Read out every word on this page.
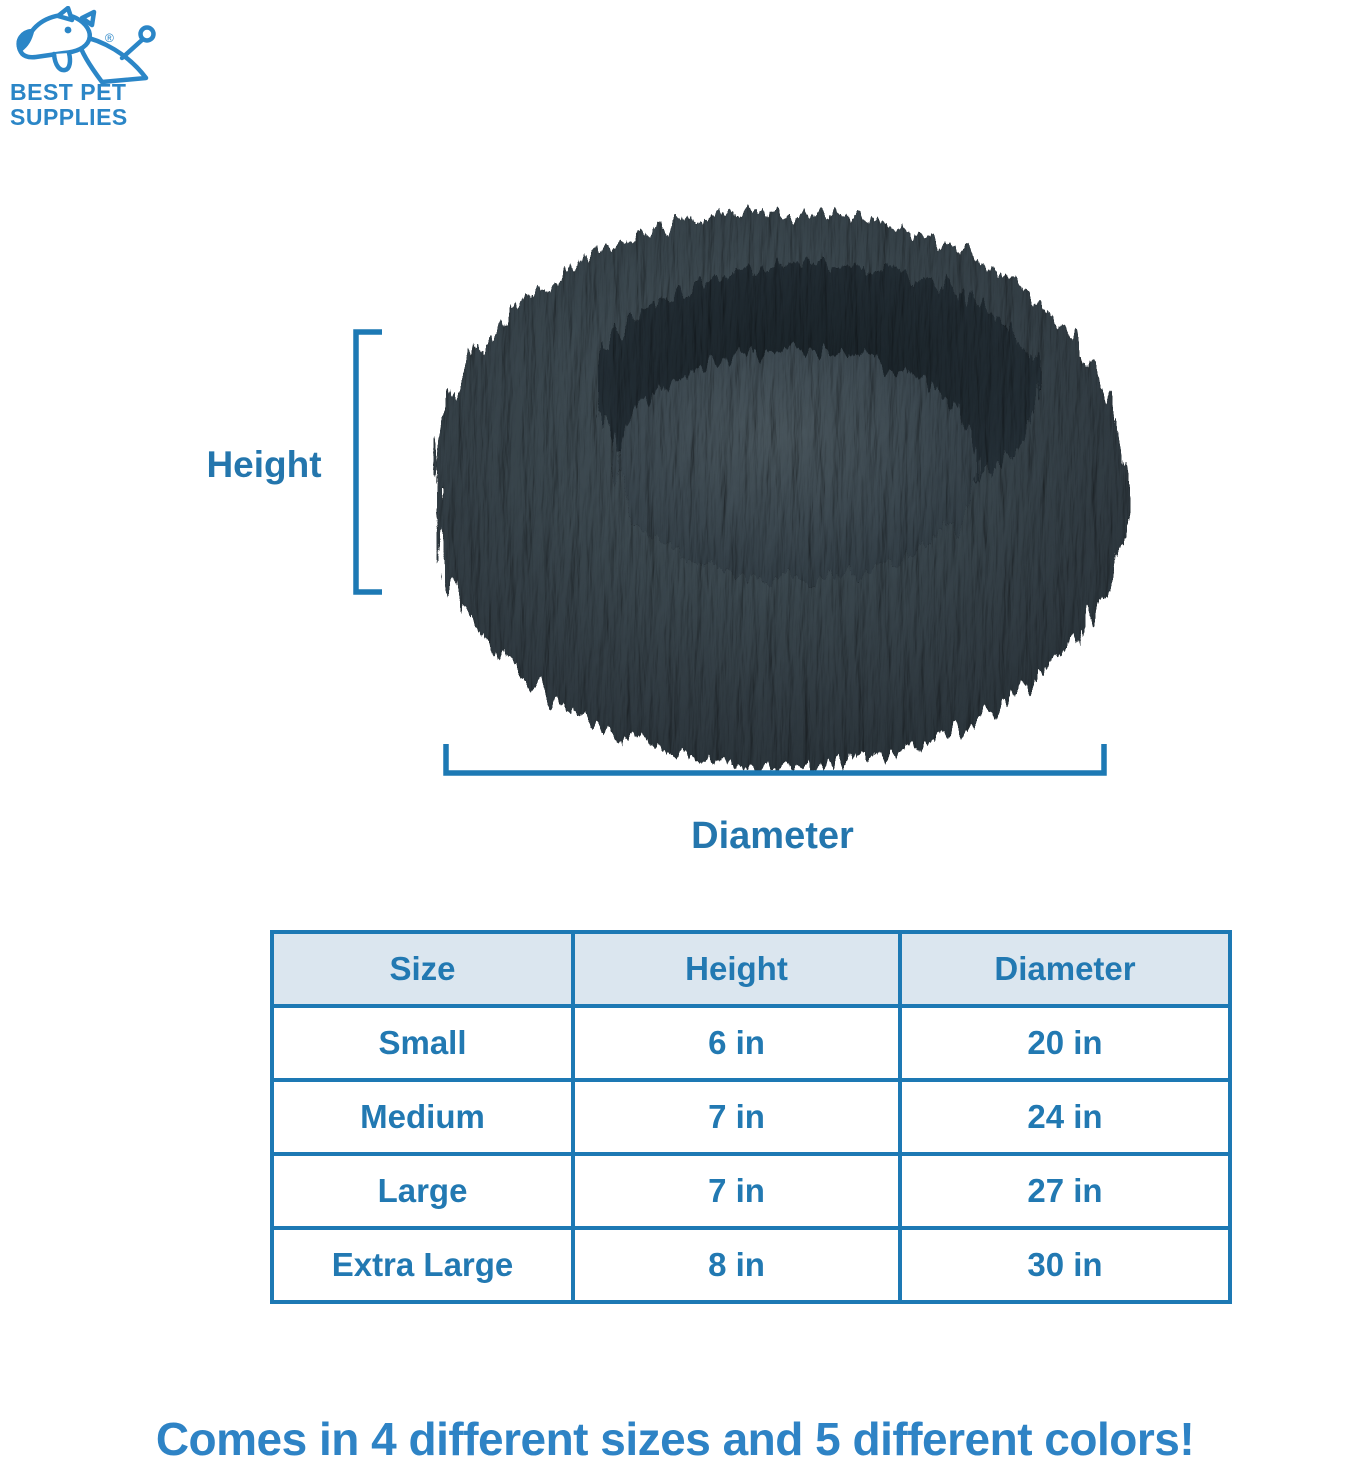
®
BEST PET
SUPPLIES
Height
Diameter
Size	Height	Diameter
Small	6 in	20 in
Medium	7 in	24 in
Large	7 in	27 in
Extra Large	8 in	30 in
Comes in 4 different sizes and 5 different colors!
